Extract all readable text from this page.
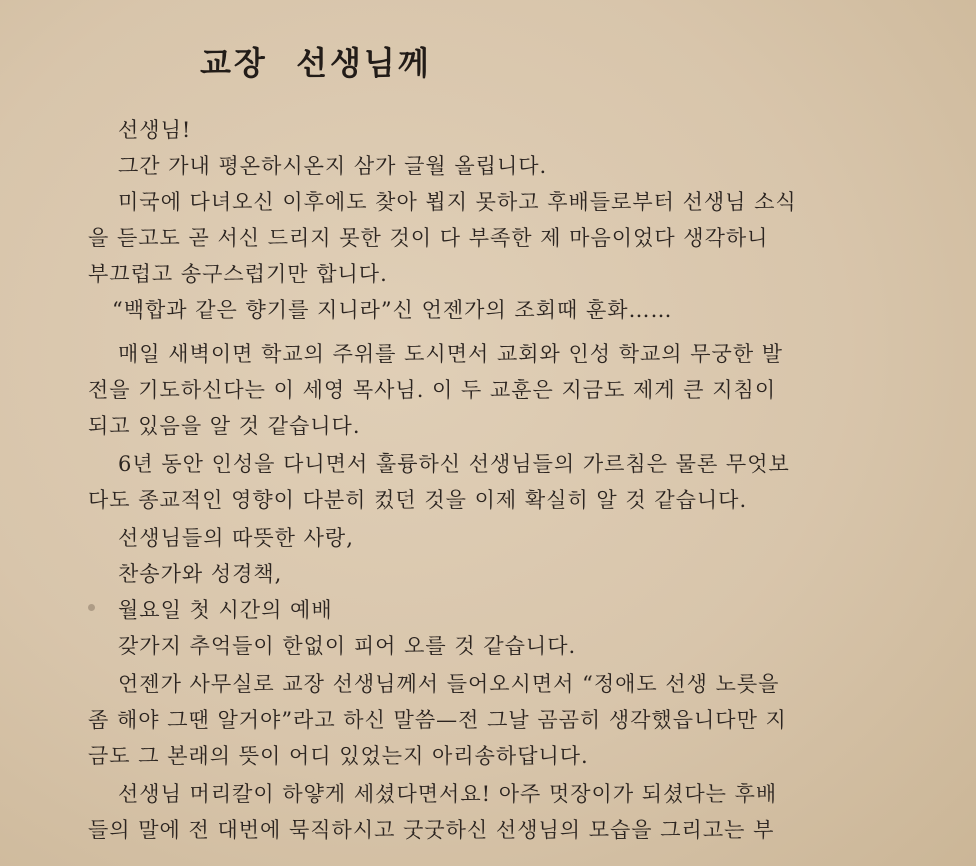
교장  선생님께
선생님!
그간 가내 평온하시온지 삼가 글월 올립니다.
미국에 다녀오신 이후에도 찾아 뵙지 못하고 후배들로부터 선생님 소식
을 듣고도 곧 서신 드리지 못한 것이 다 부족한 제 마음이었다 생각하니
부끄럽고 송구스럽기만 합니다.
“백합과 같은 향기를 지니라”신 언젠가의 조회때 훈화……
매일 새벽이면 학교의 주위를 도시면서 교회와 인성 학교의 무궁한 발
전을 기도하신다는 이 세영 목사님. 이 두 교훈은 지금도 제게 큰 지침이
되고 있음을 알 것 같습니다.
6년 동안 인성을 다니면서 훌륭하신 선생님들의 가르침은 물론 무엇보
다도 종교적인 영향이 다분히 컸던 것을 이제 확실히 알 것 같습니다.
선생님들의 따뜻한 사랑,
찬송가와 성경책,
월요일 첫 시간의 예배
갖가지 추억들이 한없이 피어 오를 것 같습니다.
언젠가 사무실로 교장 선생님께서 들어오시면서 “정애도 선생 노릇을
좀 해야 그땐 알거야”라고 하신 말씀—전 그날 곰곰히 생각했읍니다만 지
금도 그 본래의 뜻이 어디 있었는지 아리송하답니다.
선생님 머리칼이 하얗게 세셨다면서요! 아주 멋장이가 되셨다는 후배
들의 말에 전 대번에 묵직하시고 굿굿하신 선생님의 모습을 그리고는 부
